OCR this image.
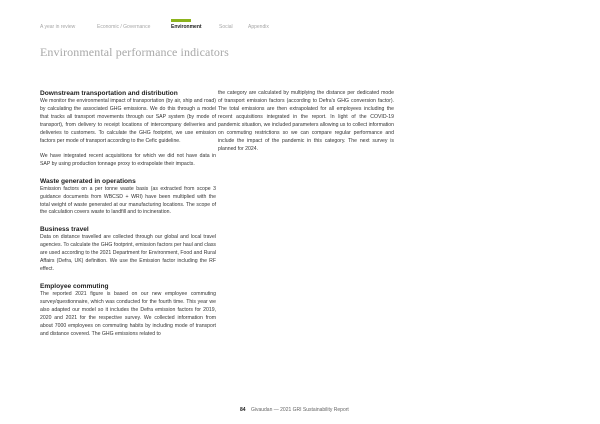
A year in review	Economic / Governance	Environment	Social	Appendix
Environmental performance indicators
Downstream transportation and distribution

We monitor the environmental impact of transportation (by air, ship and road) by calculating the associated GHG emissions. We do this through a model that tracks all transport movements through our SAP system (by mode of transport), from delivery to receipt locations of intercompany deliveries and deliveries to customers. To calculate the GHG footprint, we use emission factors per mode of transport according to the Cefic guideline.

We have integrated recent acquisitions for which we did not have data in SAP by using production tonnage proxy to extrapolate their impacts.

Waste generated in operations

Emission factors on a per tonne waste basis (as extracted from scope 3 guidance documents from WBCSD + WRI) have been multiplied with the total weight of waste generated at our manufacturing locations. The scope of the calculation covers waste to landfill and to incineration.

Business travel

Data on distance travelled are collected through our global and local travel agencies. To calculate the GHG footprint, emission factors per haul and class are used according to the 2021 Department for Environment, Food and Rural Affairs (Defra, UK) definition. We use the Emission factor including the RF effect.

Employee commuting

The reported 2021 figure is based on our new employee commuting survey/questionnaire, which was conducted for the fourth time. This year we also adapted our model so it includes the Defra emission factors for 2019, 2020 and 2021 for the respective survey. We collected information from about 7000 employees on commuting habits by including mode of transport and distance covered. The GHG emissions related to

the category are calculated by multiplying the distance per dedicated mode of transport emission factors (according to Defra's GHG conversion factor). The total emissions are then extrapolated for all employees including the recent acquisitions integrated in the report. In light of the COVID-19 pandemic situation, we included parameters allowing us to collect information on commuting restrictions so we can compare regular performance and include the impact of the pandemic in this category. The next survey is planned for 2024.

84 Givaudan — 2021 GRI Sustainability Report
